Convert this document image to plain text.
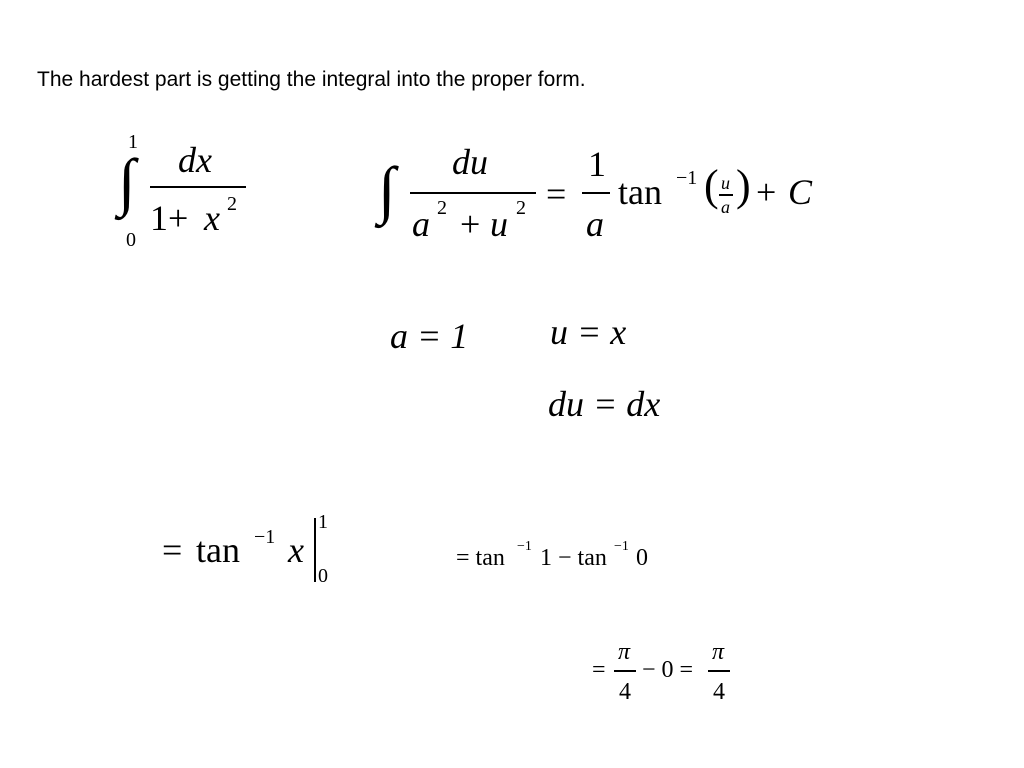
The hardest part is getting the integral into the proper form.
1
∫
0
dx
1+ x 2 ∫ du
a 2 + u 2 =
1
a
tan −1 ( u
a ) + C
a = 1 u = x
du = dx
= tan −1 x
1
0
= tan −1 1 − tan −1 0
=
π
4
− 0 =
π
4
